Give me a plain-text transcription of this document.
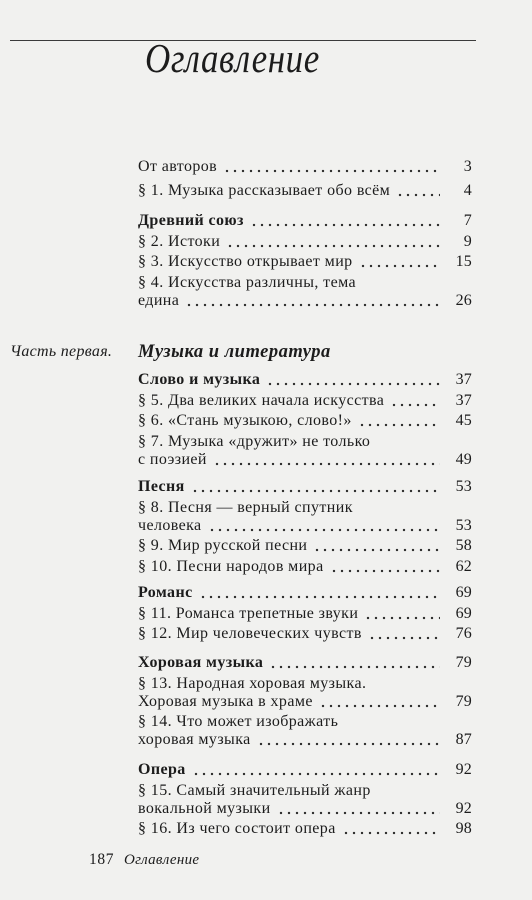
Оглавление
От авторов	3
§ 1. Музыка рассказывает обо всём	4
Древний союз	7
§ 2. Истоки	9
§ 3. Искусство открывает мир	15
§ 4. Искусства различны, тема
едина	26
Часть первая. Музыка и литература
Слово и музыка	37
§ 5. Два великих начала искусства	37
§ 6. «Стань музыкою, слово!»	45
§ 7. Музыка «дружит» не только
с поэзией	49
Песня	53
§ 8. Песня — верный спутник
человека	53
§ 9. Мир русской песни	58
§ 10. Песни народов мира	62
Романс	69
§ 11. Романса трепетные звуки	69
§ 12. Мир человеческих чувств	76
Хоровая музыка	79
§ 13. Народная хоровая музыка.
Хоровая музыка в храме	79
§ 14. Что может изображать
хоровая музыка	87
Опера	92
§ 15. Самый значительный жанр
вокальной музыки	92
§ 16. Из чего состоит опера	98
187 Оглавление
